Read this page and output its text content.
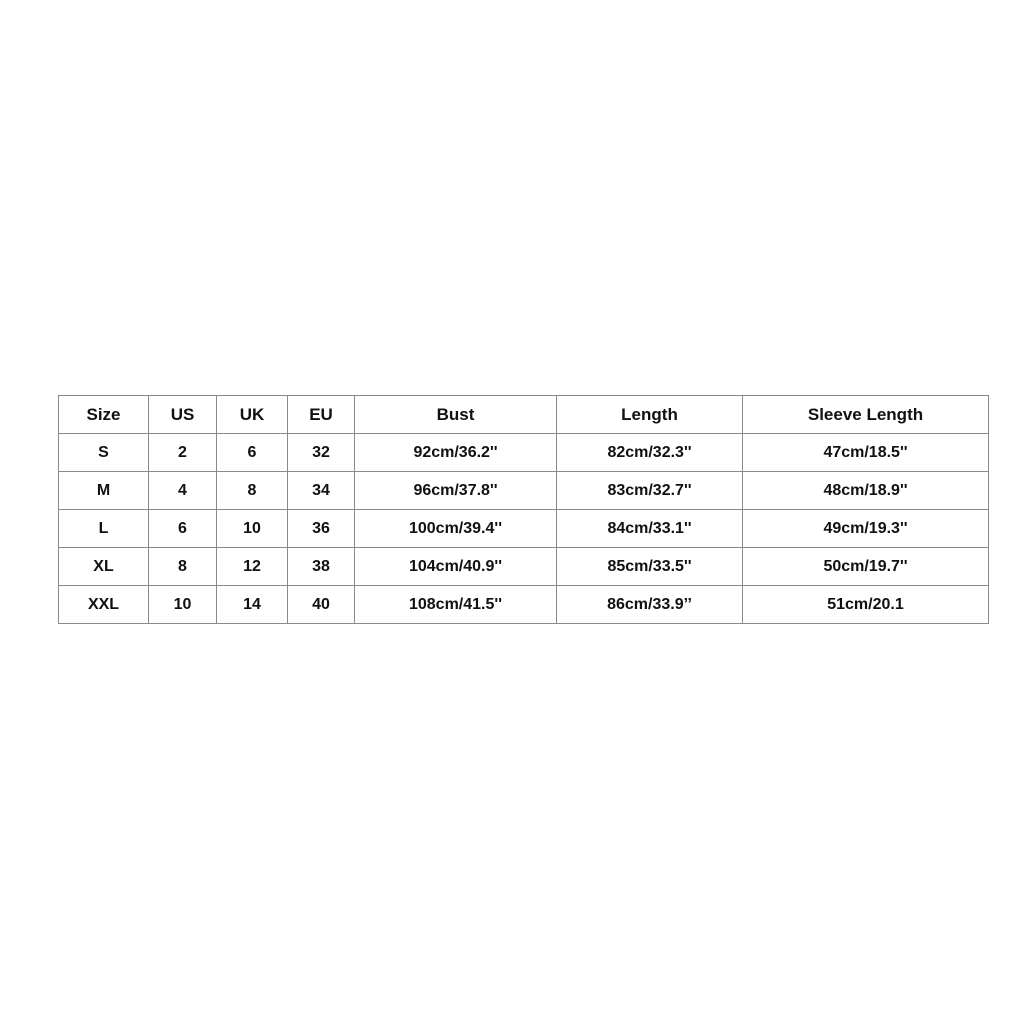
Size	US	UK	EU	Bust	Length	Sleeve Length
S	2	6	32	92cm/36.2''	82cm/32.3''	47cm/18.5''
M	4	8	34	96cm/37.8''	83cm/32.7''	48cm/18.9''
L	6	10	36	100cm/39.4''	84cm/33.1''	49cm/19.3''
XL	8	12	38	104cm/40.9''	85cm/33.5''	50cm/19.7''
XXL	10	14	40	108cm/41.5''	86cm/33.9’’	51cm/20.1
